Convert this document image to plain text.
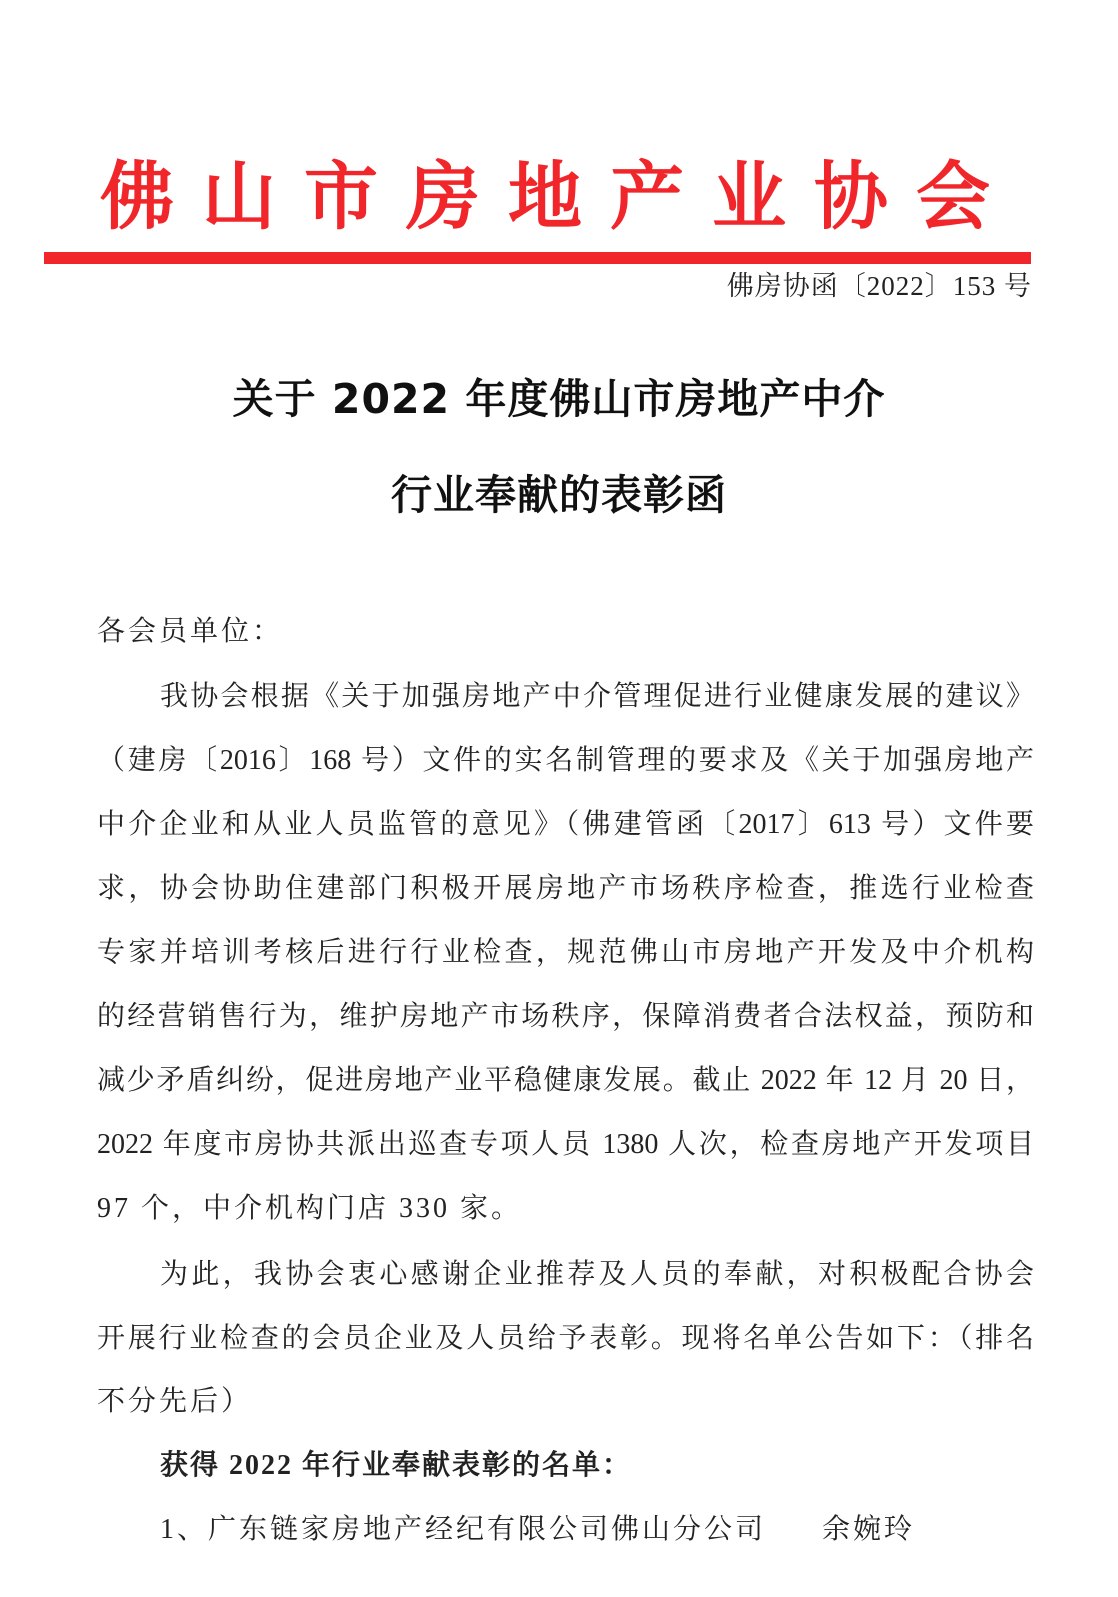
佛 山 市 房 地 产 业 协 会
佛房协函〔2022〕153 号
关于 2022 年度佛山市房地产中介
行业奉献的表彰函
各会员单位：
我协会根据《关于加强房地产中介管理促进行业健康发展的建议》
（建房〔2016〕168 号）文件的实名制管理的要求及《关于加强房地产
中介企业和从业人员监管的意见》（佛建管函〔2017〕613 号）文件要
求，协会协助住建部门积极开展房地产市场秩序检查，推选行业检查
专家并培训考核后进行行业检查，规范佛山市房地产开发及中介机构
的经营销售行为，维护房地产市场秩序，保障消费者合法权益，预防和
减少矛盾纠纷，促进房地产业平稳健康发展。截止 2022 年 12 月 20 日，
2022 年度市房协共派出巡查专项人员 1380 人次，检查房地产开发项目
97 个，中介机构门店 330 家。
为此，我协会衷心感谢企业推荐及人员的奉献，对积极配合协会
开展行业检查的会员企业及人员给予表彰。现将名单公告如下：（排名
不分先后）
获得 2022 年行业奉献表彰的名单：
1、广东链家房地产经纪有限公司佛山分公司 余婉玲
